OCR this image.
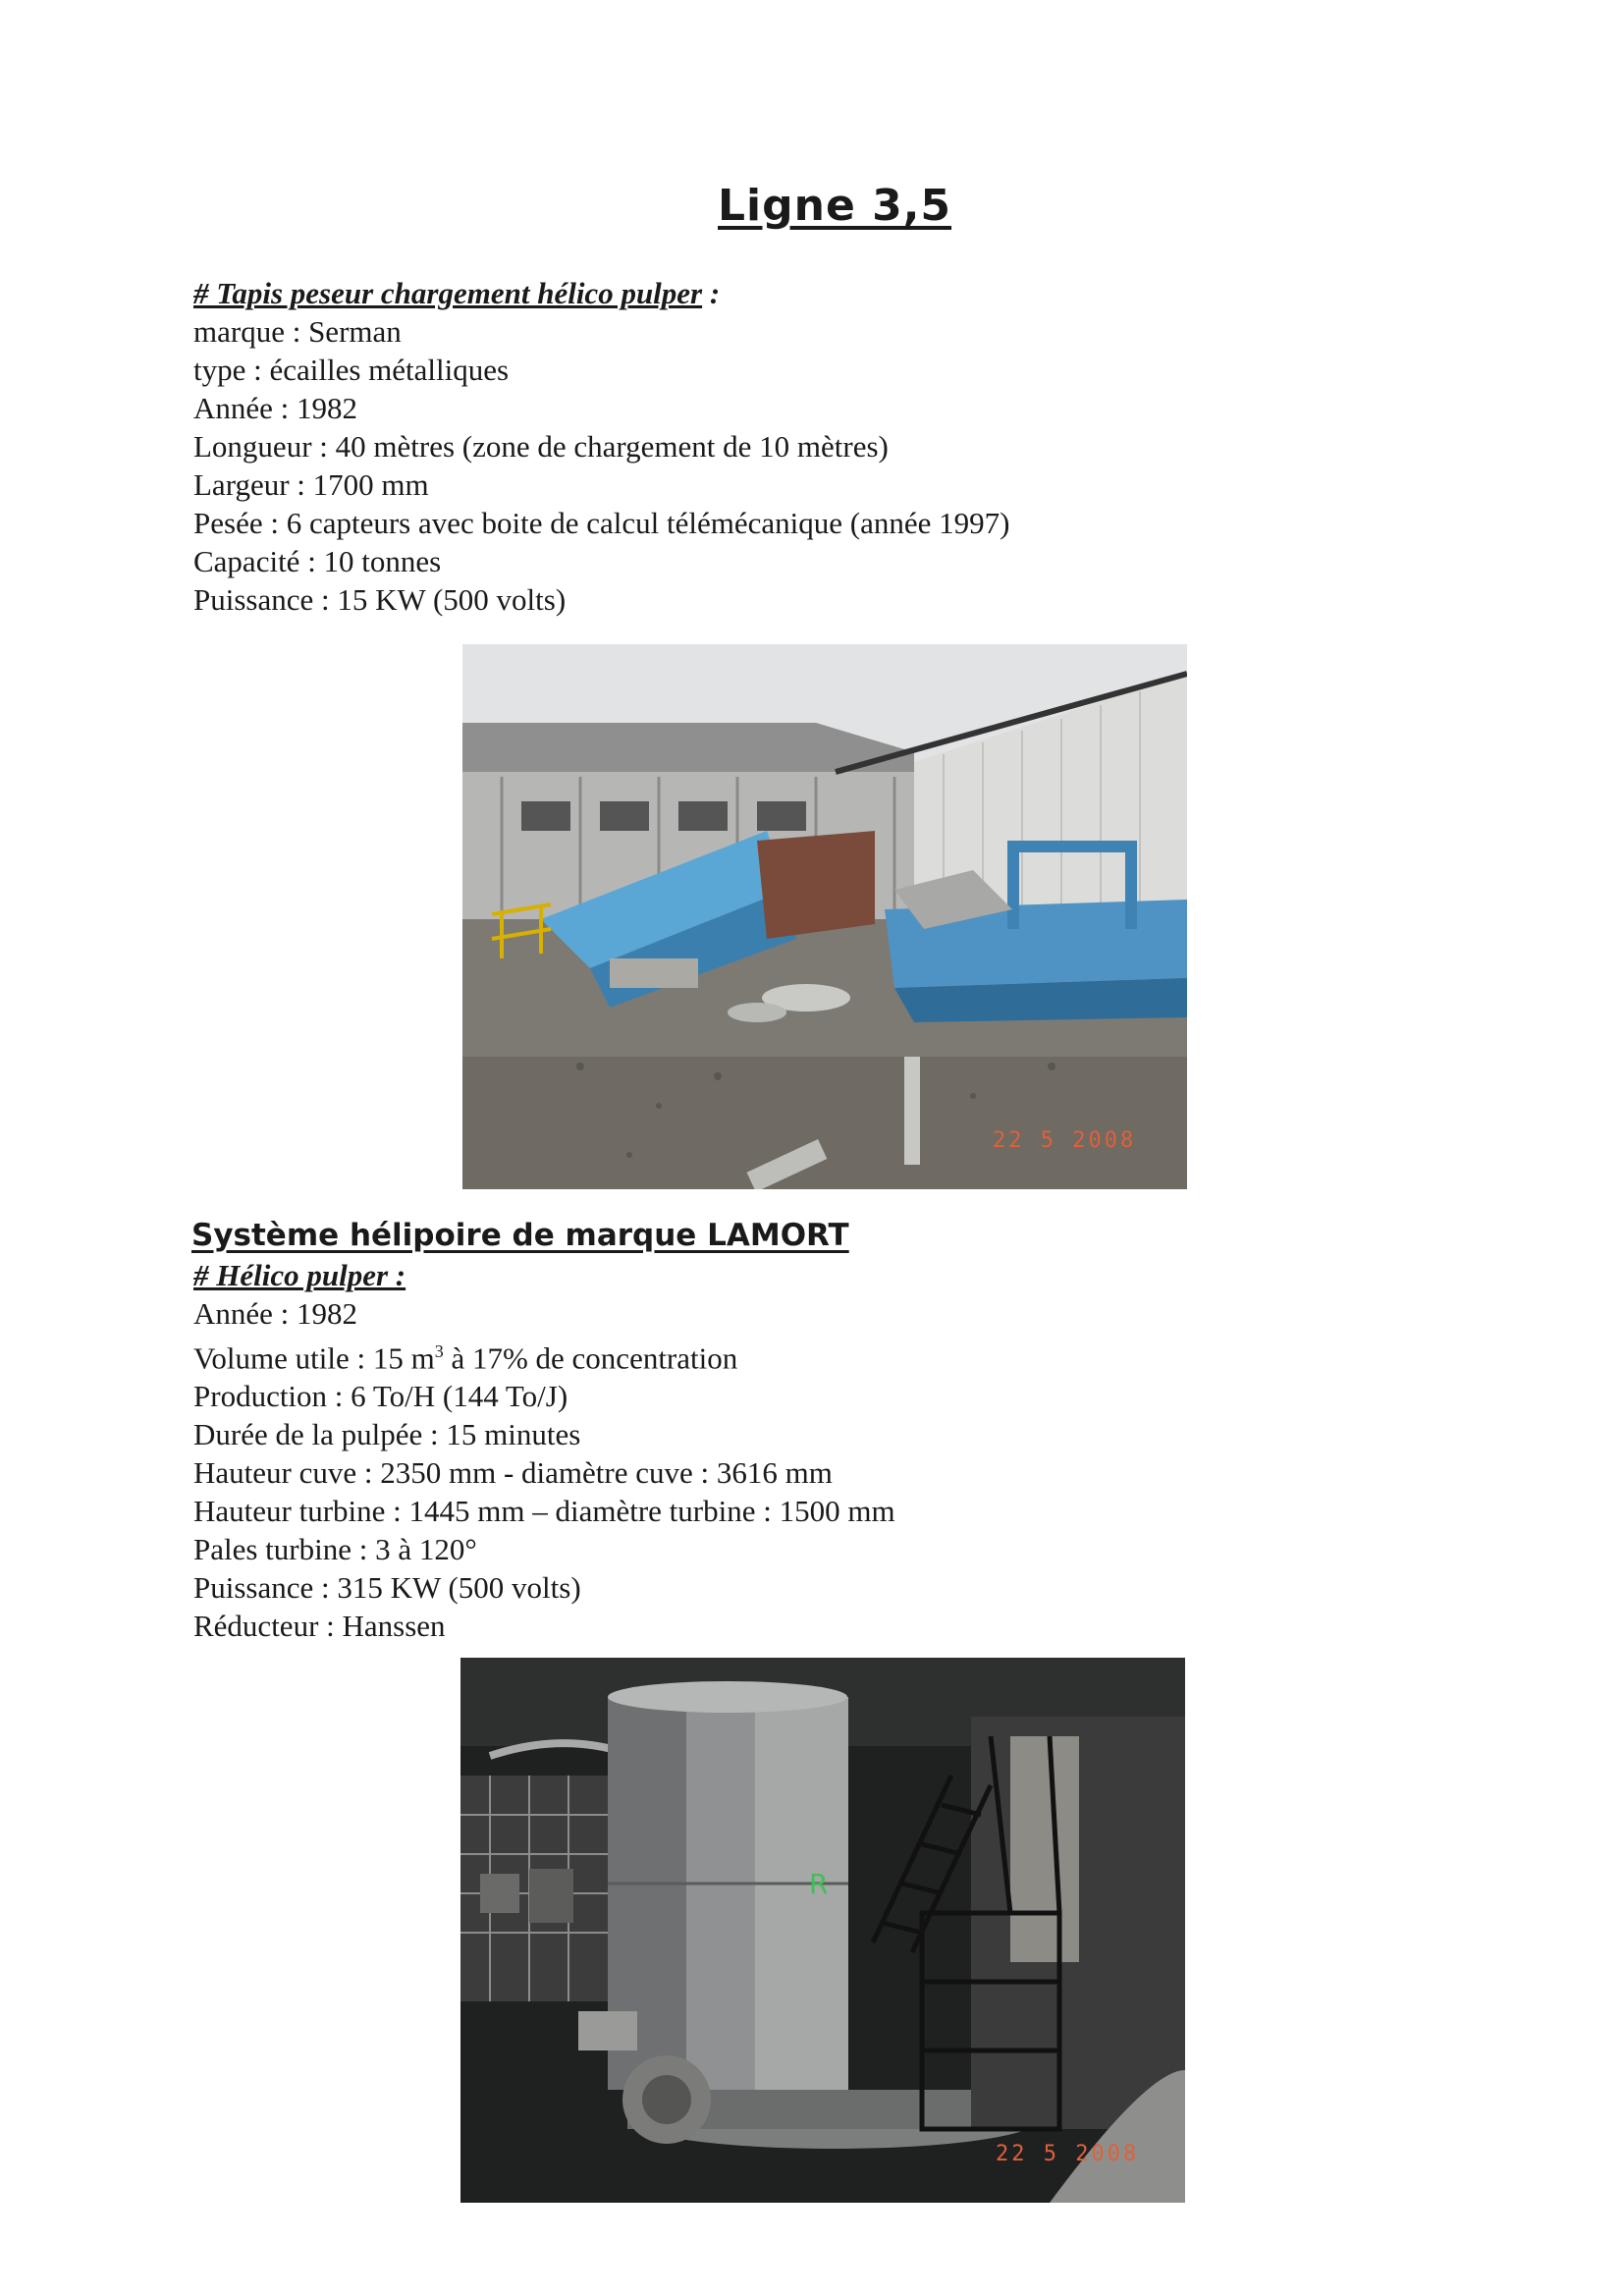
Ligne 3,5
# Tapis peseur chargement hélico pulper :
marque : Serman
type : écailles métalliques
Année : 1982
Longueur : 40 mètres (zone de chargement de 10 mètres)
Largeur : 1700 mm
Pesée : 6 capteurs avec boite de calcul télémécanique (année 1997)
Capacité : 10 tonnes
Puissance : 15 KW (500 volts)
22 5 2008
Système hélipoire de marque LAMORT
# Hélico pulper :
Année : 1982
Volume utile : 15 $m^3$ à 17% de concentration
Production : 6 To/H (144 To/J)
Durée de la pulpée : 15 minutes
Hauteur cuve : 2350 mm - diamètre cuve : 3616 mm
Hauteur turbine : 1445 mm – diamètre turbine : 1500 mm
Pales turbine : 3 à 120°
Puissance : 315 KW (500 volts)
Réducteur : Hanssen
R
22 5 2008
